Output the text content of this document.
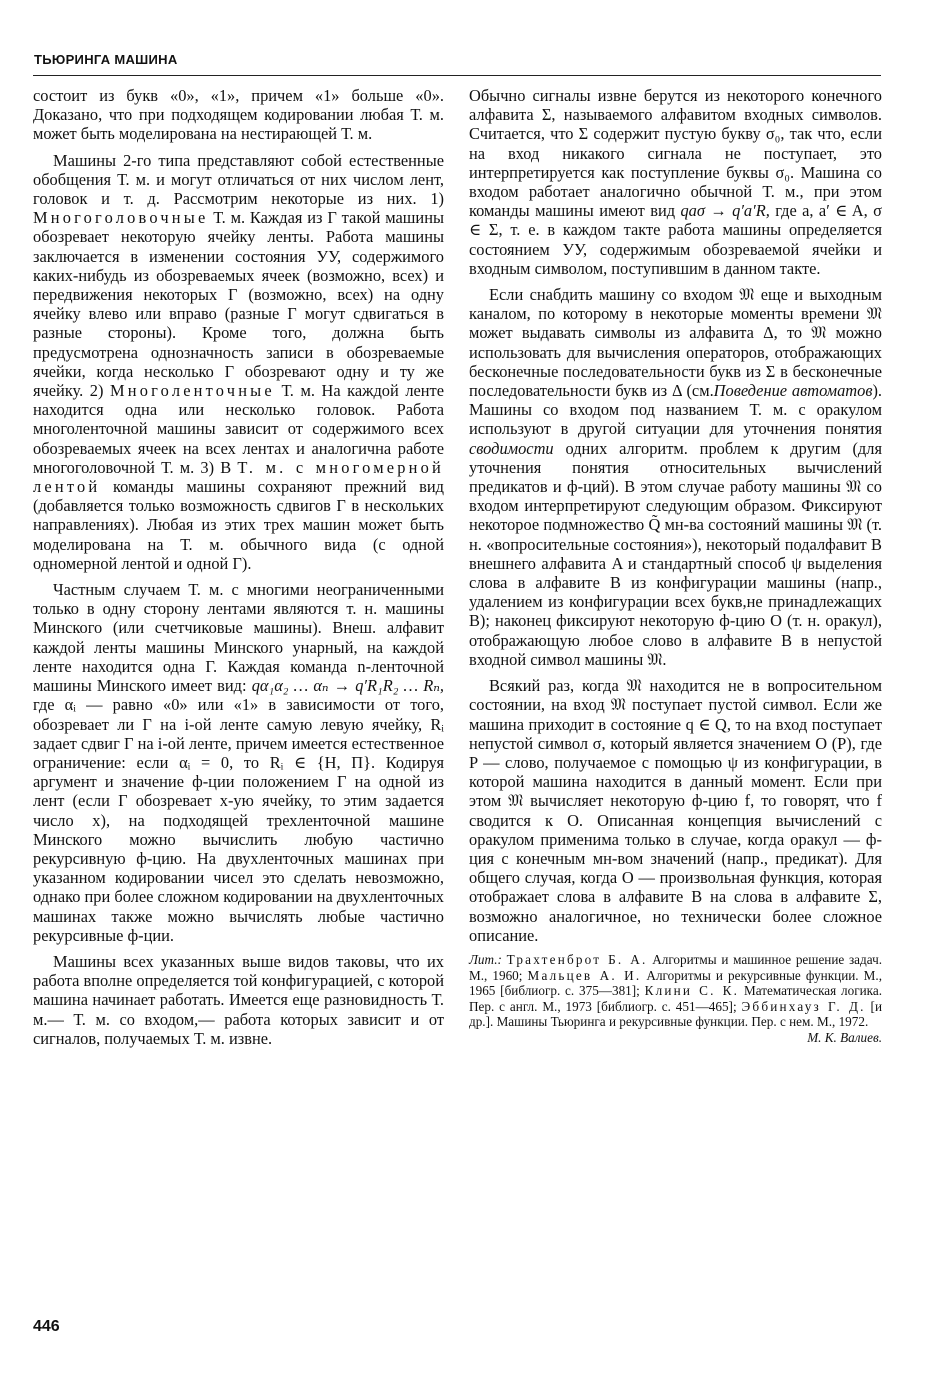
ТЬЮРИНГА МАШИНА

состоит из букв «0», «1», причем «1» больше «0». Доказано, что при подходящем кодировании любая Т. м. может быть моделирована на нестирающей Т. м.

Машины 2-го типа представляют собой естественные обобщения Т. м. и могут отличаться от них числом лент, головок и т. д. Рассмотрим некоторые из них. 1) Многоголовочные Т. м. Каждая из Г такой машины обозревает некоторую ячейку ленты. Работа машины заключается в изменении состояния УУ, содержимого каких-нибудь из обозреваемых ячеек (возможно, всех) и передвижения некоторых Г (возможно, всех) на одну ячейку влево или вправо (разные Г могут сдвигаться в разные стороны). Кроме того, должна быть предусмотрена однозначность записи в обозреваемые ячейки, когда несколько Г обозревают одну и ту же ячейку. 2) Многоленточные Т. м. На каждой ленте находится одна или несколько головок. Работа многоленточной машины зависит от содержимого всех обозреваемых ячеек на всех лентах и аналогична работе многоголовочной Т. м. 3) В Т. м. с многомерной лентой команды машины сохраняют прежний вид (добавляется только возможность сдвигов Г в нескольких направлениях). Любая из этих трех машин может быть моделирована на Т. м. обычного вида (с одной одномерной лентой и одной Г).

Частным случаем Т. м. с многими неограниченными только в одну сторону лентами являются т. н. машины Минского (или счетчиковые машины). Внеш. алфавит каждой ленты машины Минского унарный, на каждой ленте находится одна Г. Каждая команда n-ленточной машины Минского имеет вид: qα₁α₂ … αₙ → q′R₁R₂ … Rₙ, где αᵢ — равно «0» или «1» в зависимости от того, обозревает ли Г на i-ой ленте самую левую ячейку, Rᵢ задает сдвиг Г на i-ой ленте, причем имеется естественное ограничение: если αᵢ = 0, то Rᵢ ∈ {Н, П}. Кодируя аргумент и значение ф-ции положением Г на одной из лент (если Г обозревает x-ую ячейку, то этим задается число x), на подходящей трехленточной машине Минского можно вычислить любую частично рекурсивную ф-цию. На двухленточных машинах при указанном кодировании чисел это сделать невозможно, однако при более сложном кодировании на двухленточных машинах также можно вычислять любые частично рекурсивные ф-ции.

Машины всех указанных выше видов таковы, что их работа вполне определяется той конфигурацией, с которой машина начинает работать. Имеется еще разновидность Т. м.— Т. м. со входом,— работа которых зависит и от сигналов, получаемых Т. м. извне.

Обычно сигналы извне берутся из некоторого конечного алфавита Σ, называемого алфавитом входных символов. Считается, что Σ содержит пустую букву σ₀, так что, если на вход никакого сигнала не поступает, это интерпретируется как поступление буквы σ₀. Машина со входом работает аналогично обычной Т. м., при этом команды машины имеют вид qaσ → q′a′R, где a, a′ ∈ A, σ ∈ Σ, т. е. в каждом такте работа машины определяется состоянием УУ, содержимым обозреваемой ячейки и входным символом, поступившим в данном такте.

Если снабдить машину со входом 𝔐 еще и выходным каналом, по которому в некоторые моменты времени 𝔐 может выдавать символы из алфавита Δ, то 𝔐 можно использовать для вычисления операторов, отображающих бесконечные последовательности букв из Σ в бесконечные последовательности букв из Δ (см.Поведение автоматов). Машины со входом под названием Т. м. с оракулом используют в другой ситуации для уточнения понятия сводимости одних алгоритм. проблем к другим (для уточнения понятия относительных вычислений предикатов и ф-ций). В этом случае работу машины 𝔐 со входом интерпретируют следующим образом. Фиксируют некоторое подмножество Q̃ мн-ва состояний машины 𝔐 (т. н. «вопросительные состояния»), некоторый подалфавит B внешнего алфавита A и стандартный способ ψ выделения слова в алфавите B из конфигурации машины (напр., удалением из конфигурации всех букв,не принадлежащих B); наконец фиксируют некоторую ф-цию O (т. н. оракул), отображающую любое слово в алфавите B в непустой входной символ машины 𝔐.

Всякий раз, когда 𝔐 находится не в вопросительном состоянии, на вход 𝔐 поступает пустой символ. Если же машина приходит в состояние q ∈ Q, то на вход поступает непустой символ σ, который является значением O (P), где P — слово, получаемое с помощью ψ из конфигурации, в которой машина находится в данный момент. Если при этом 𝔐 вычисляет некоторую ф-цию f, то говорят, что f сводится к O. Описанная концепция вычислений с оракулом применима только в случае, когда оракул — ф-ция с конечным мн-вом значений (напр., предикат). Для общего случая, когда O — произвольная функция, которая отображает слова в алфавите B на слова в алфавите Σ, возможно аналогичное, но технически более сложное описание.

Лит.: Трахтенброт Б. А. Алгоритмы и машинное решение задач. М., 1960; Мальцев А. И. Алгоритмы и рекурсивные функции. М., 1965 [библиогр. с. 375—381]; Клини С. К. Математическая логика. Пер. с англ. М., 1973 [библиогр. с. 451—465]; Эббинхауз Г. Д. [и др.]. Машины Тьюринга и рекурсивные функции. Пер. с нем. М., 1972.

М. К. Валиев.

446
